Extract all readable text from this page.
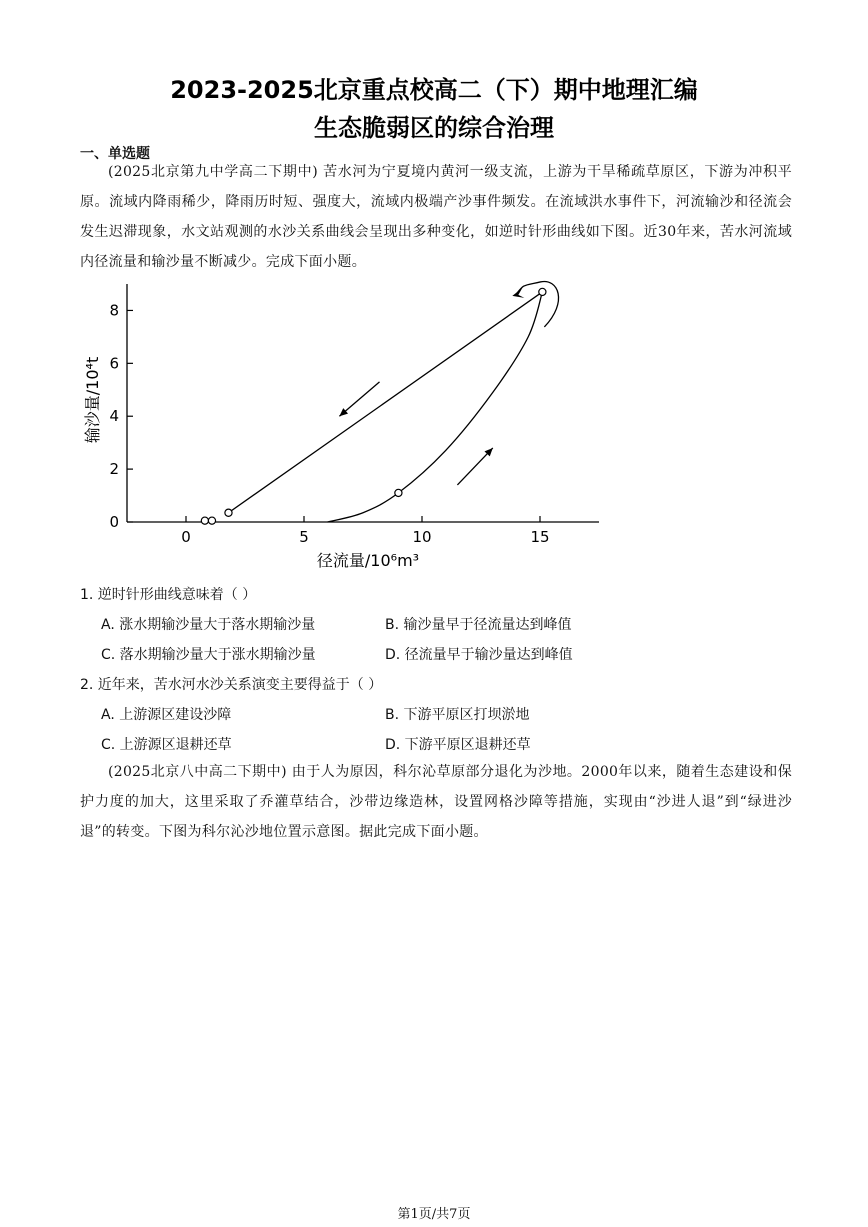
2023-2025北京重点校高二（下）期中地理汇编
生态脆弱区的综合治理
一、单选题
(2025北京第九中学高二下期中) 苦水河为宁夏境内黄河一级支流，上游为干旱稀疏草原区，下游为冲积平原。流域内降雨稀少，降雨历时短、强度大，流域内极端产沙事件频发。在流域洪水事件下，河流输沙和径流会发生迟滞现象，水文站观测的水沙关系曲线会呈现出多种变化，如逆时针形曲线如下图。近30年来，苦水河流域内径流量和输沙量不断减少。完成下面小题。
0	5	10	15
0
2
4
6
8
输沙量/10⁴t
径流量/10⁶m³
1. 逆时针形曲线意味着（ ）
A. 涨水期输沙量大于落水期输沙量	B. 输沙量早于径流量达到峰值
C. 落水期输沙量大于涨水期输沙量	D. 径流量早于输沙量达到峰值
2. 近年来，苦水河水沙关系演变主要得益于（ ）
A. 上游源区建设沙障	B. 下游平原区打坝淤地
C. 上游源区退耕还草	D. 下游平原区退耕还草
(2025北京八中高二下期中) 由于人为原因，科尔沁草原部分退化为沙地。2000年以来，随着生态建设和保护力度的加大，这里采取了乔灌草结合，沙带边缘造林，设置网格沙障等措施，实现由“沙进人退”到“绿进沙退”的转变。下图为科尔沁沙地位置示意图。据此完成下面小题。
第1页/共7页
